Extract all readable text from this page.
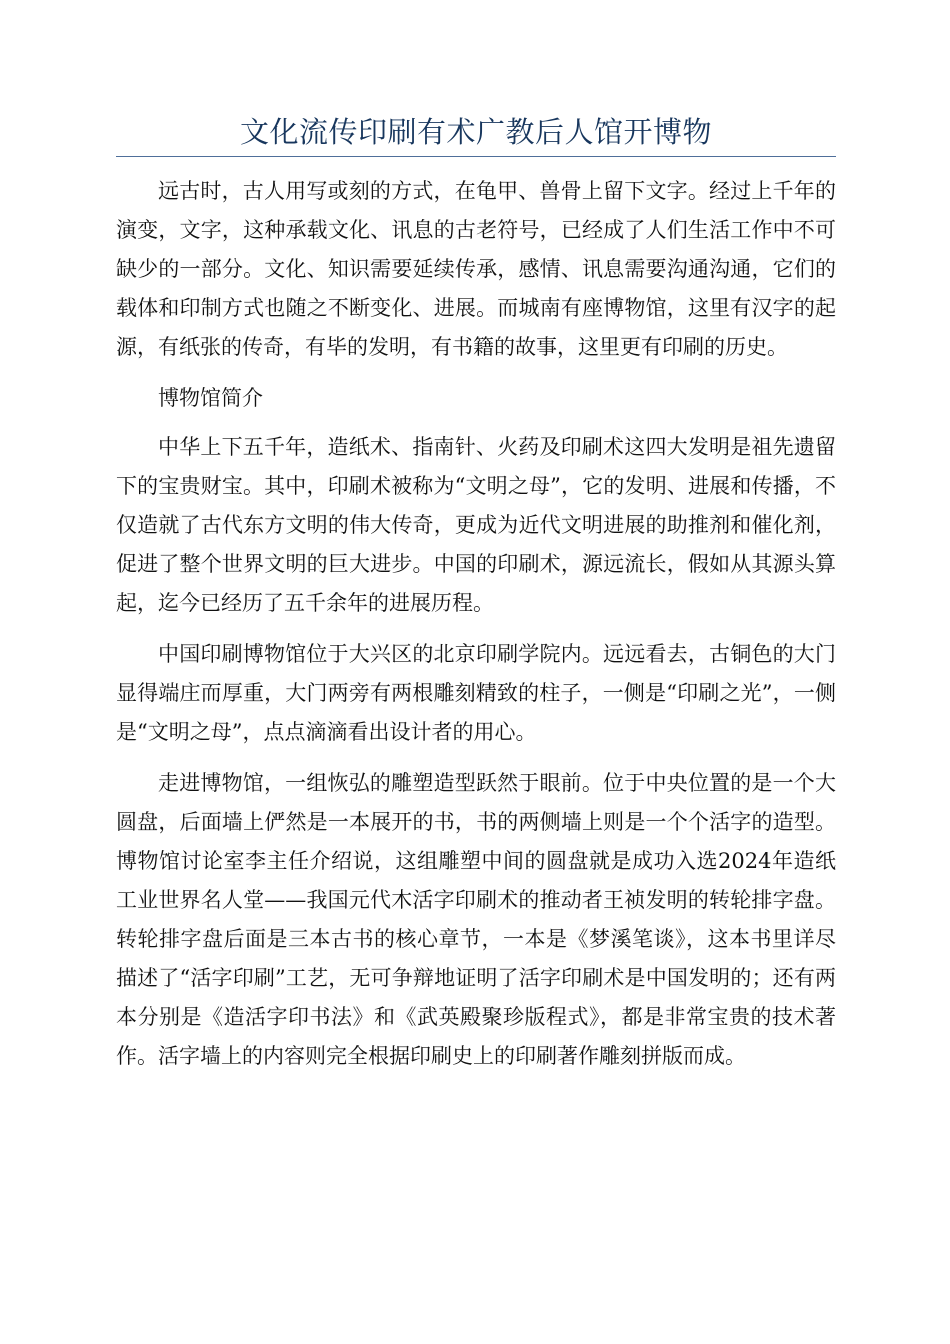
文化流传印刷有术广教后人馆开博物

远古时，古人用写或刻的方式，在龟甲、兽骨上留下文字。经过上千年的演变，文字，这种承载文化、讯息的古老符号，已经成了人们生活工作中不可缺少的一部分。文化、知识需要延续传承，感情、讯息需要沟通沟通，它们的载体和印制方式也随之不断变化、进展。而城南有座博物馆，这里有汉字的起源，有纸张的传奇，有毕的发明，有书籍的故事，这里更有印刷的历史。

博物馆简介

中华上下五千年，造纸术、指南针、火药及印刷术这四大发明是祖先遗留下的宝贵财宝。其中，印刷术被称为“文明之母”，它的发明、进展和传播，不仅造就了古代东方文明的伟大传奇，更成为近代文明进展的助推剂和催化剂，促进了整个世界文明的巨大进步。中国的印刷术，源远流长，假如从其源头算起，迄今已经历了五千余年的进展历程。

中国印刷博物馆位于大兴区的北京印刷学院内。远远看去，古铜色的大门显得端庄而厚重，大门两旁有两根雕刻精致的柱子，一侧是“印刷之光”，一侧是“文明之母”，点点滴滴看出设计者的用心。

走进博物馆，一组恢弘的雕塑造型跃然于眼前。位于中央位置的是一个大圆盘，后面墙上俨然是一本展开的书，书的两侧墙上则是一个个活字的造型。博物馆讨论室李主任介绍说，这组雕塑中间的圆盘就是成功入选2024年造纸工业世界名人堂——我国元代木活字印刷术的推动者王祯发明的转轮排字盘。转轮排字盘后面是三本古书的核心章节，一本是《梦溪笔谈》，这本书里详尽描述了“活字印刷”工艺，无可争辩地证明了活字印刷术是中国发明的；还有两本分别是《造活字印书法》和《武英殿聚珍版程式》，都是非常宝贵的技术著作。活字墙上的内容则完全根据印刷史上的印刷著作雕刻拼版而成。
